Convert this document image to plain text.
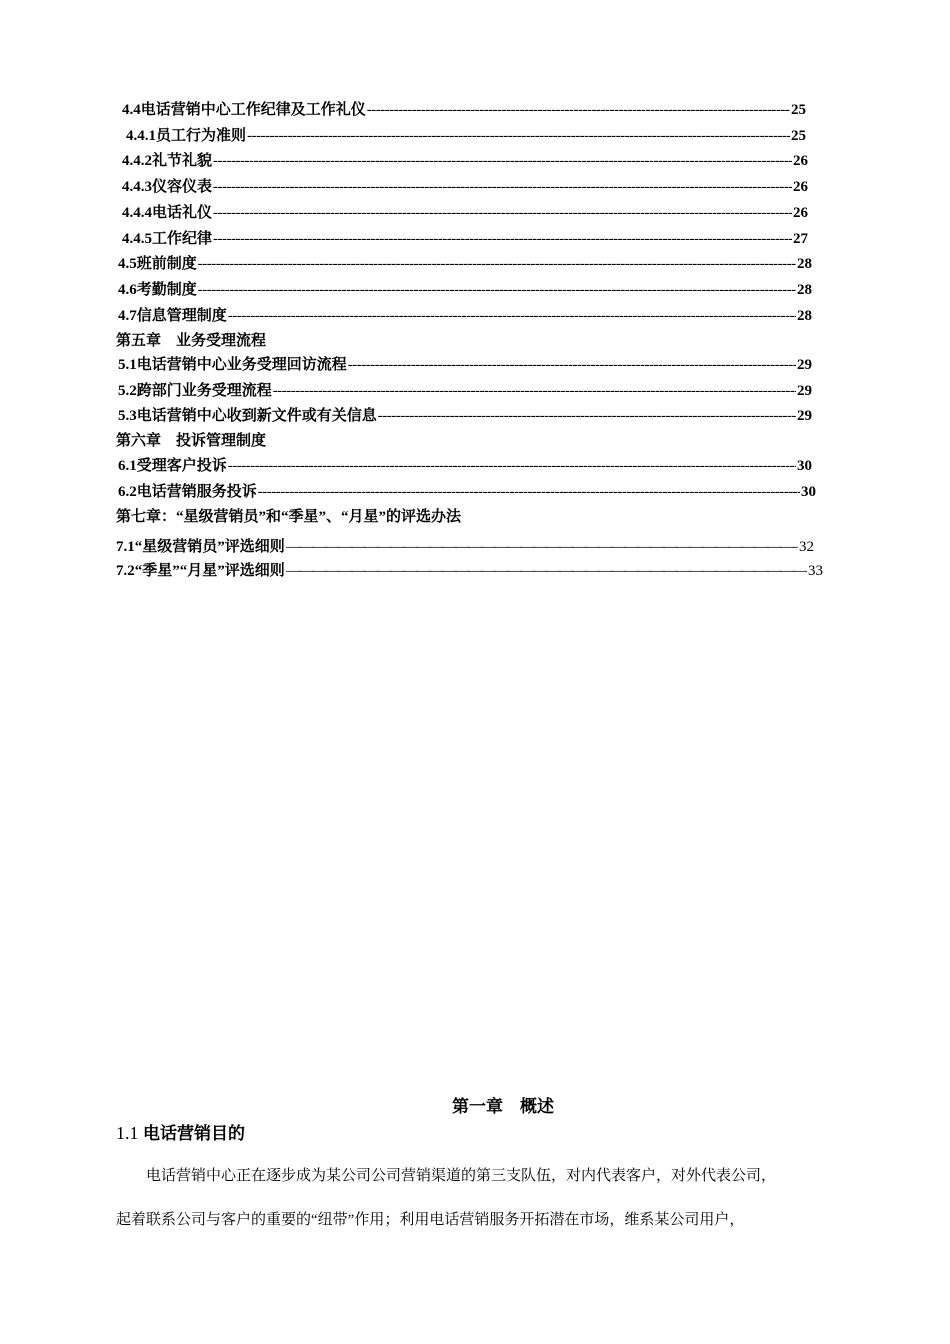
4.4 电话营销中心工作纪律及工作礼仪 -----	25
4.4.1 员工行为准则 -----	25
4.4.2 礼节礼貌 -----	26
4.4.3 仪容仪表 -----	26
4.4.4 电话礼仪 -----	26
4.4.5 工作纪律 -----	27
4.5 班前制度 -----	28
4.6 考勤制度 -----	28
4.7 信息管理制度 -----	28
第五章　业务受理流程
5.1 电话营销中心业务受理回访流程 -----	29
5.2 跨部门业务受理流程 -----	29
5.3 电话营销中心收到新文件或有关信息 -----	29
第六章　投诉管理制度
6.1 受理客户投诉 -----	30
6.2 电话营销服务投诉 -----	30
第七章：“星级营销员”和“季星”、“月星”的评选办法
7.1 “星级营销员”评选细则 —————	32
7.2 “季星”“月星”评选细则 —————	33
第一章　概述
1.1 电话营销目的
　　电话营销中心正在逐步成为某公司公司营销渠道的第三支队伍，对内代表客户，对外代表公司，
起着联系公司与客户的重要的“纽带”作用；利用电话营销服务开拓潜在市场，维系某公司用户，
